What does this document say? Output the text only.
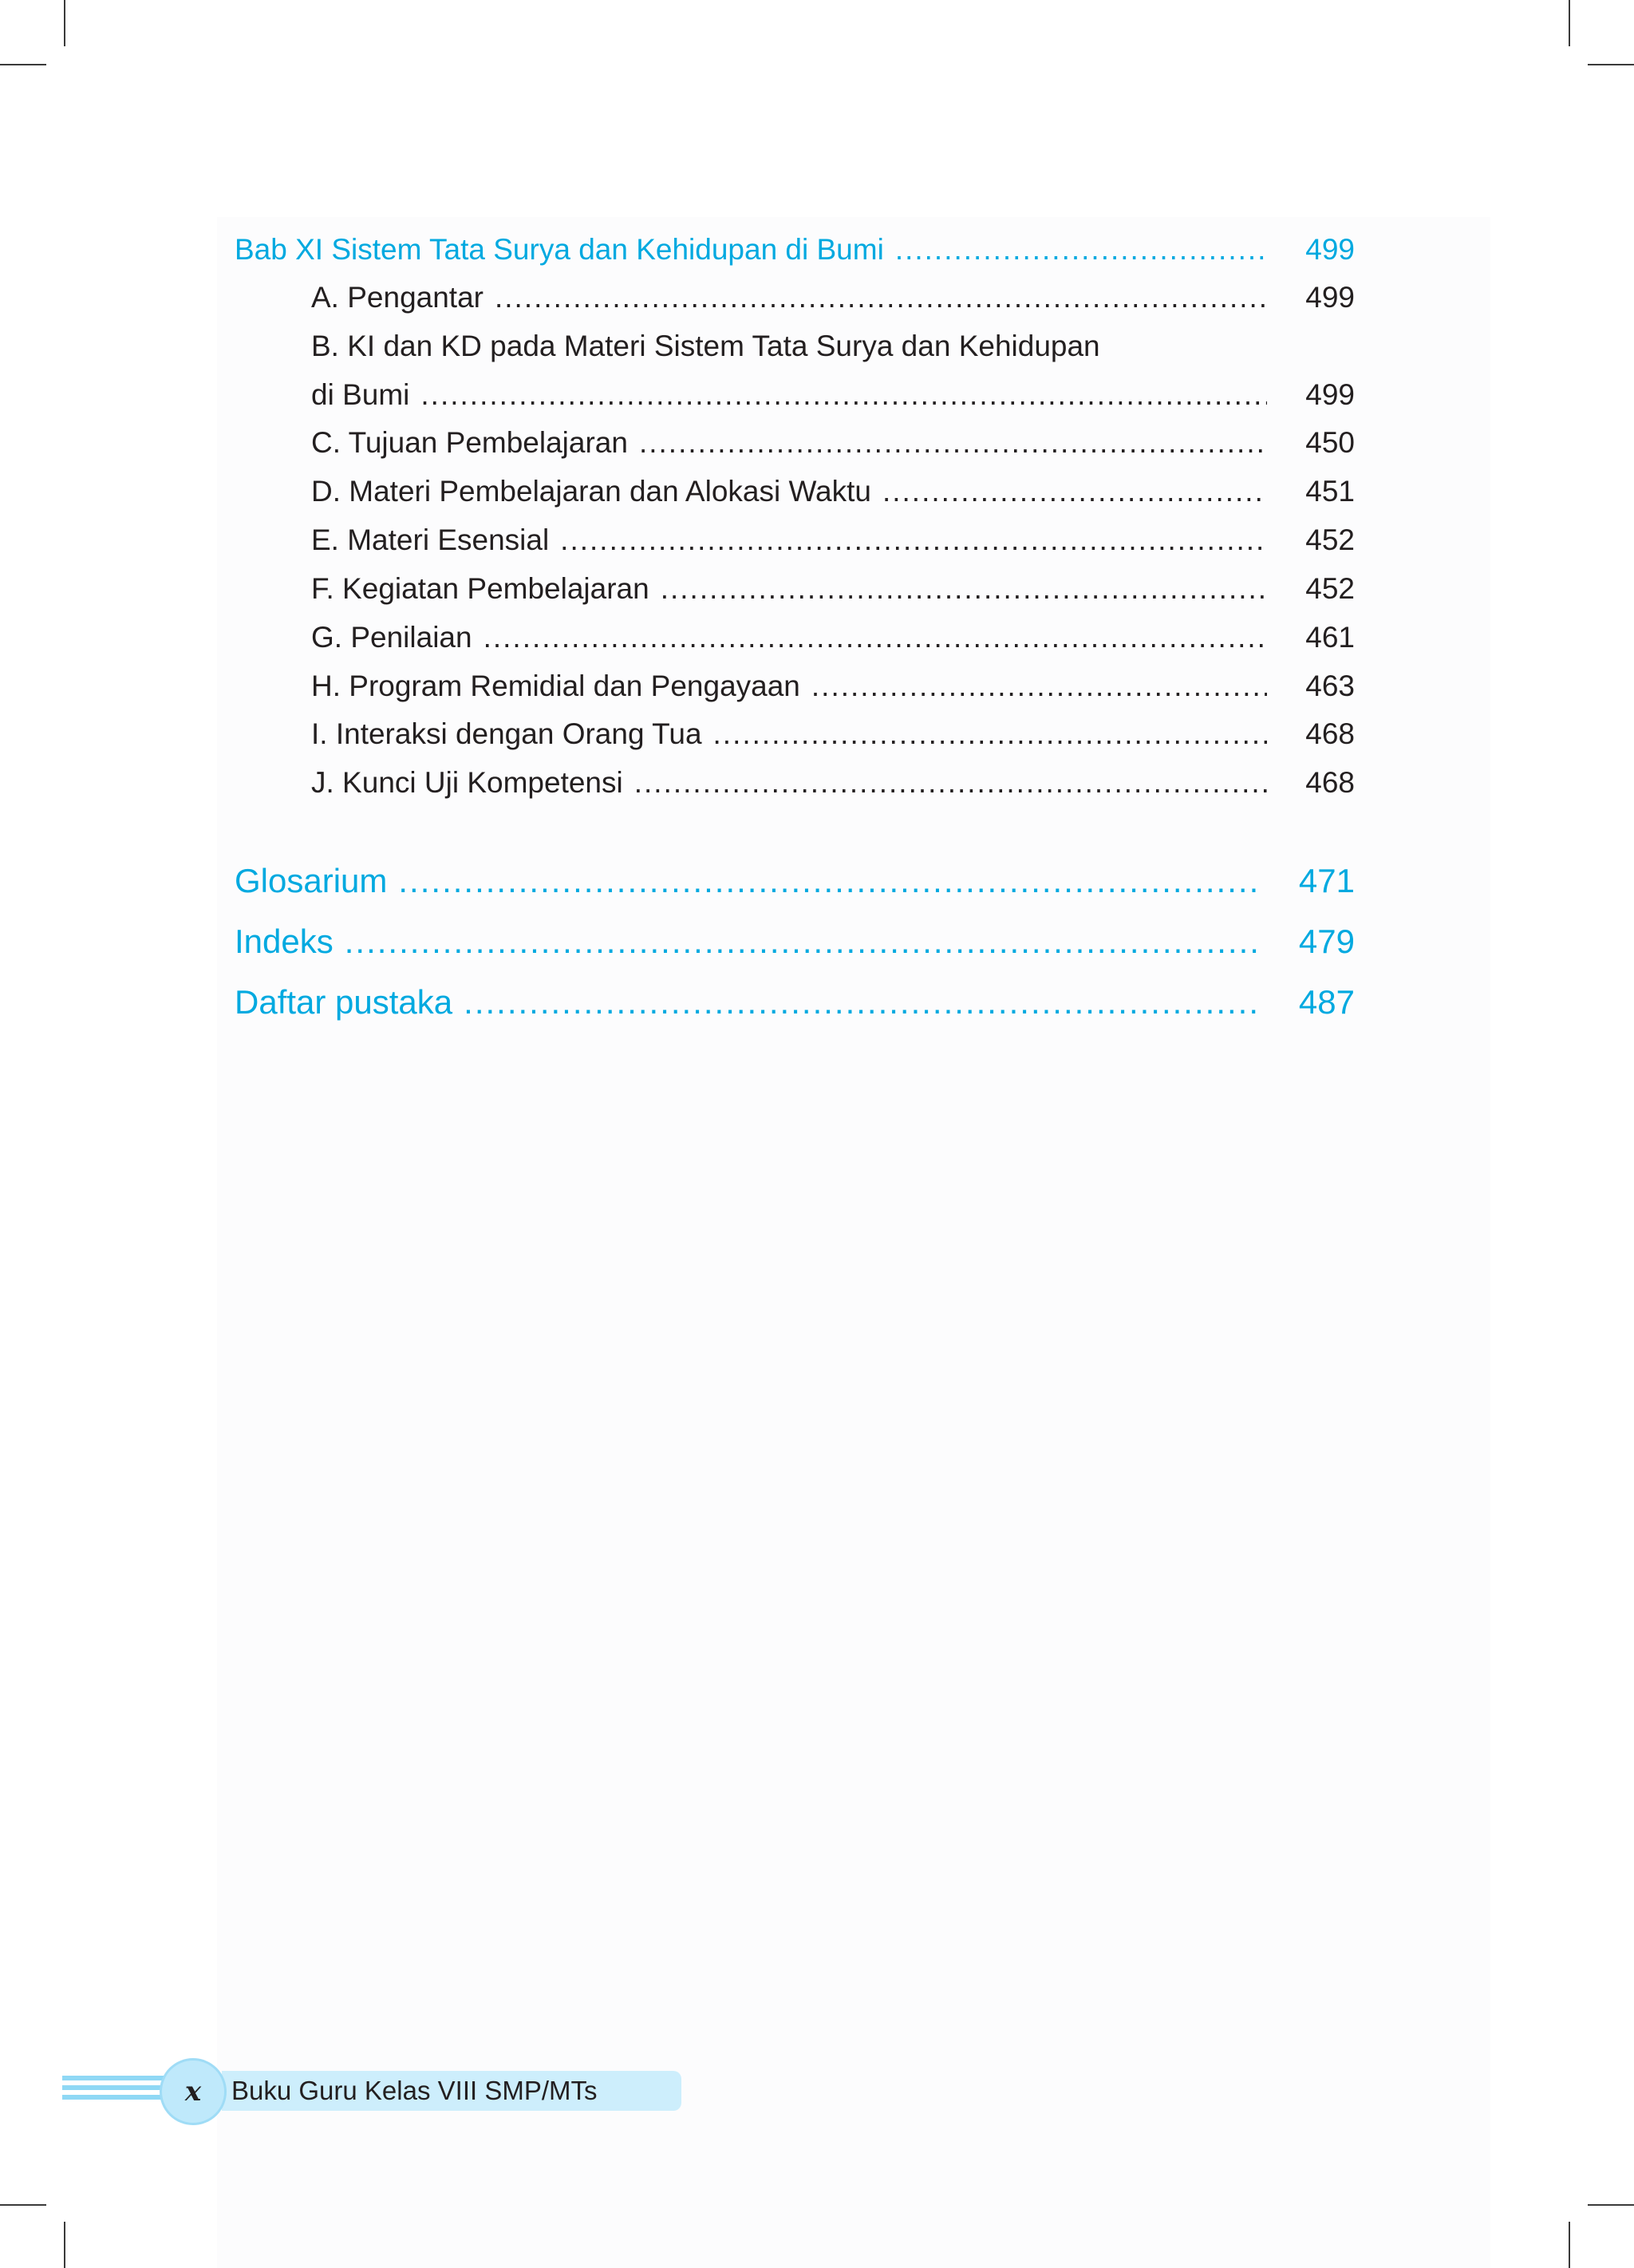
Bab XI Sistem Tata Surya dan Kehidupan di Bumi .....	499
A. Pengantar .....	499
B. KI dan KD pada Materi Sistem Tata Surya dan Kehidupan
di Bumi .....	499
C. Tujuan Pembelajaran .....	450
D. Materi Pembelajaran dan Alokasi Waktu .....	451
E. Materi Esensial .....	452
F. Kegiatan Pembelajaran .....	452
G. Penilaian .....	461
H. Program Remidial dan Pengayaan .....	463
I. Interaksi dengan Orang Tua .....	468
J. Kunci Uji Kompetensi .....	468
Glosarium .....	471
Indeks .....	479
Daftar pustaka .....	487
x Buku Guru Kelas VIII SMP/MTs
